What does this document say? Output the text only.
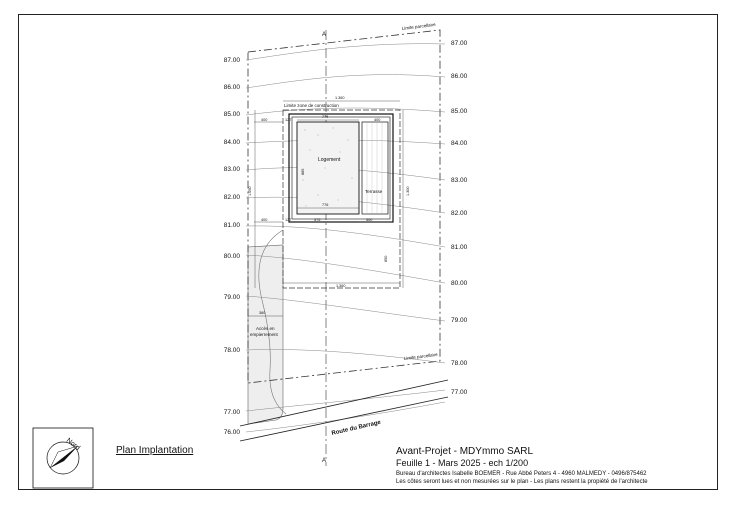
A
A
Route du Barrage
Limite zone de construction
Logement
Terrasse
1.360
774
776
400	127	400
400	127	575	500
1.360
1.050	1.300
885
850
360
Accès en
empierrement
Limite parcellaire
Limite parcellaire
Nord
87.00
86.00
85.00
84.00
83.00
82.00
81.00
80.00
79.00
78.00
77.00
76.00
87.00
86.00
85.00
84.00
83.00
82.00
81.00
80.00
79.00
78.00
77.00
Plan Implantation	Avant-Projet - MDYmmo SARL
Feuille 1 - Mars 2025 - ech 1/200
Bureau d'architectes Isabelle BOEMER - Rue Abbé Peters 4 - 4960 MALMEDY - 0496/875462
Les côtes seront lues et non mesurées sur le plan - Les plans restent la propiété de l'architecte
